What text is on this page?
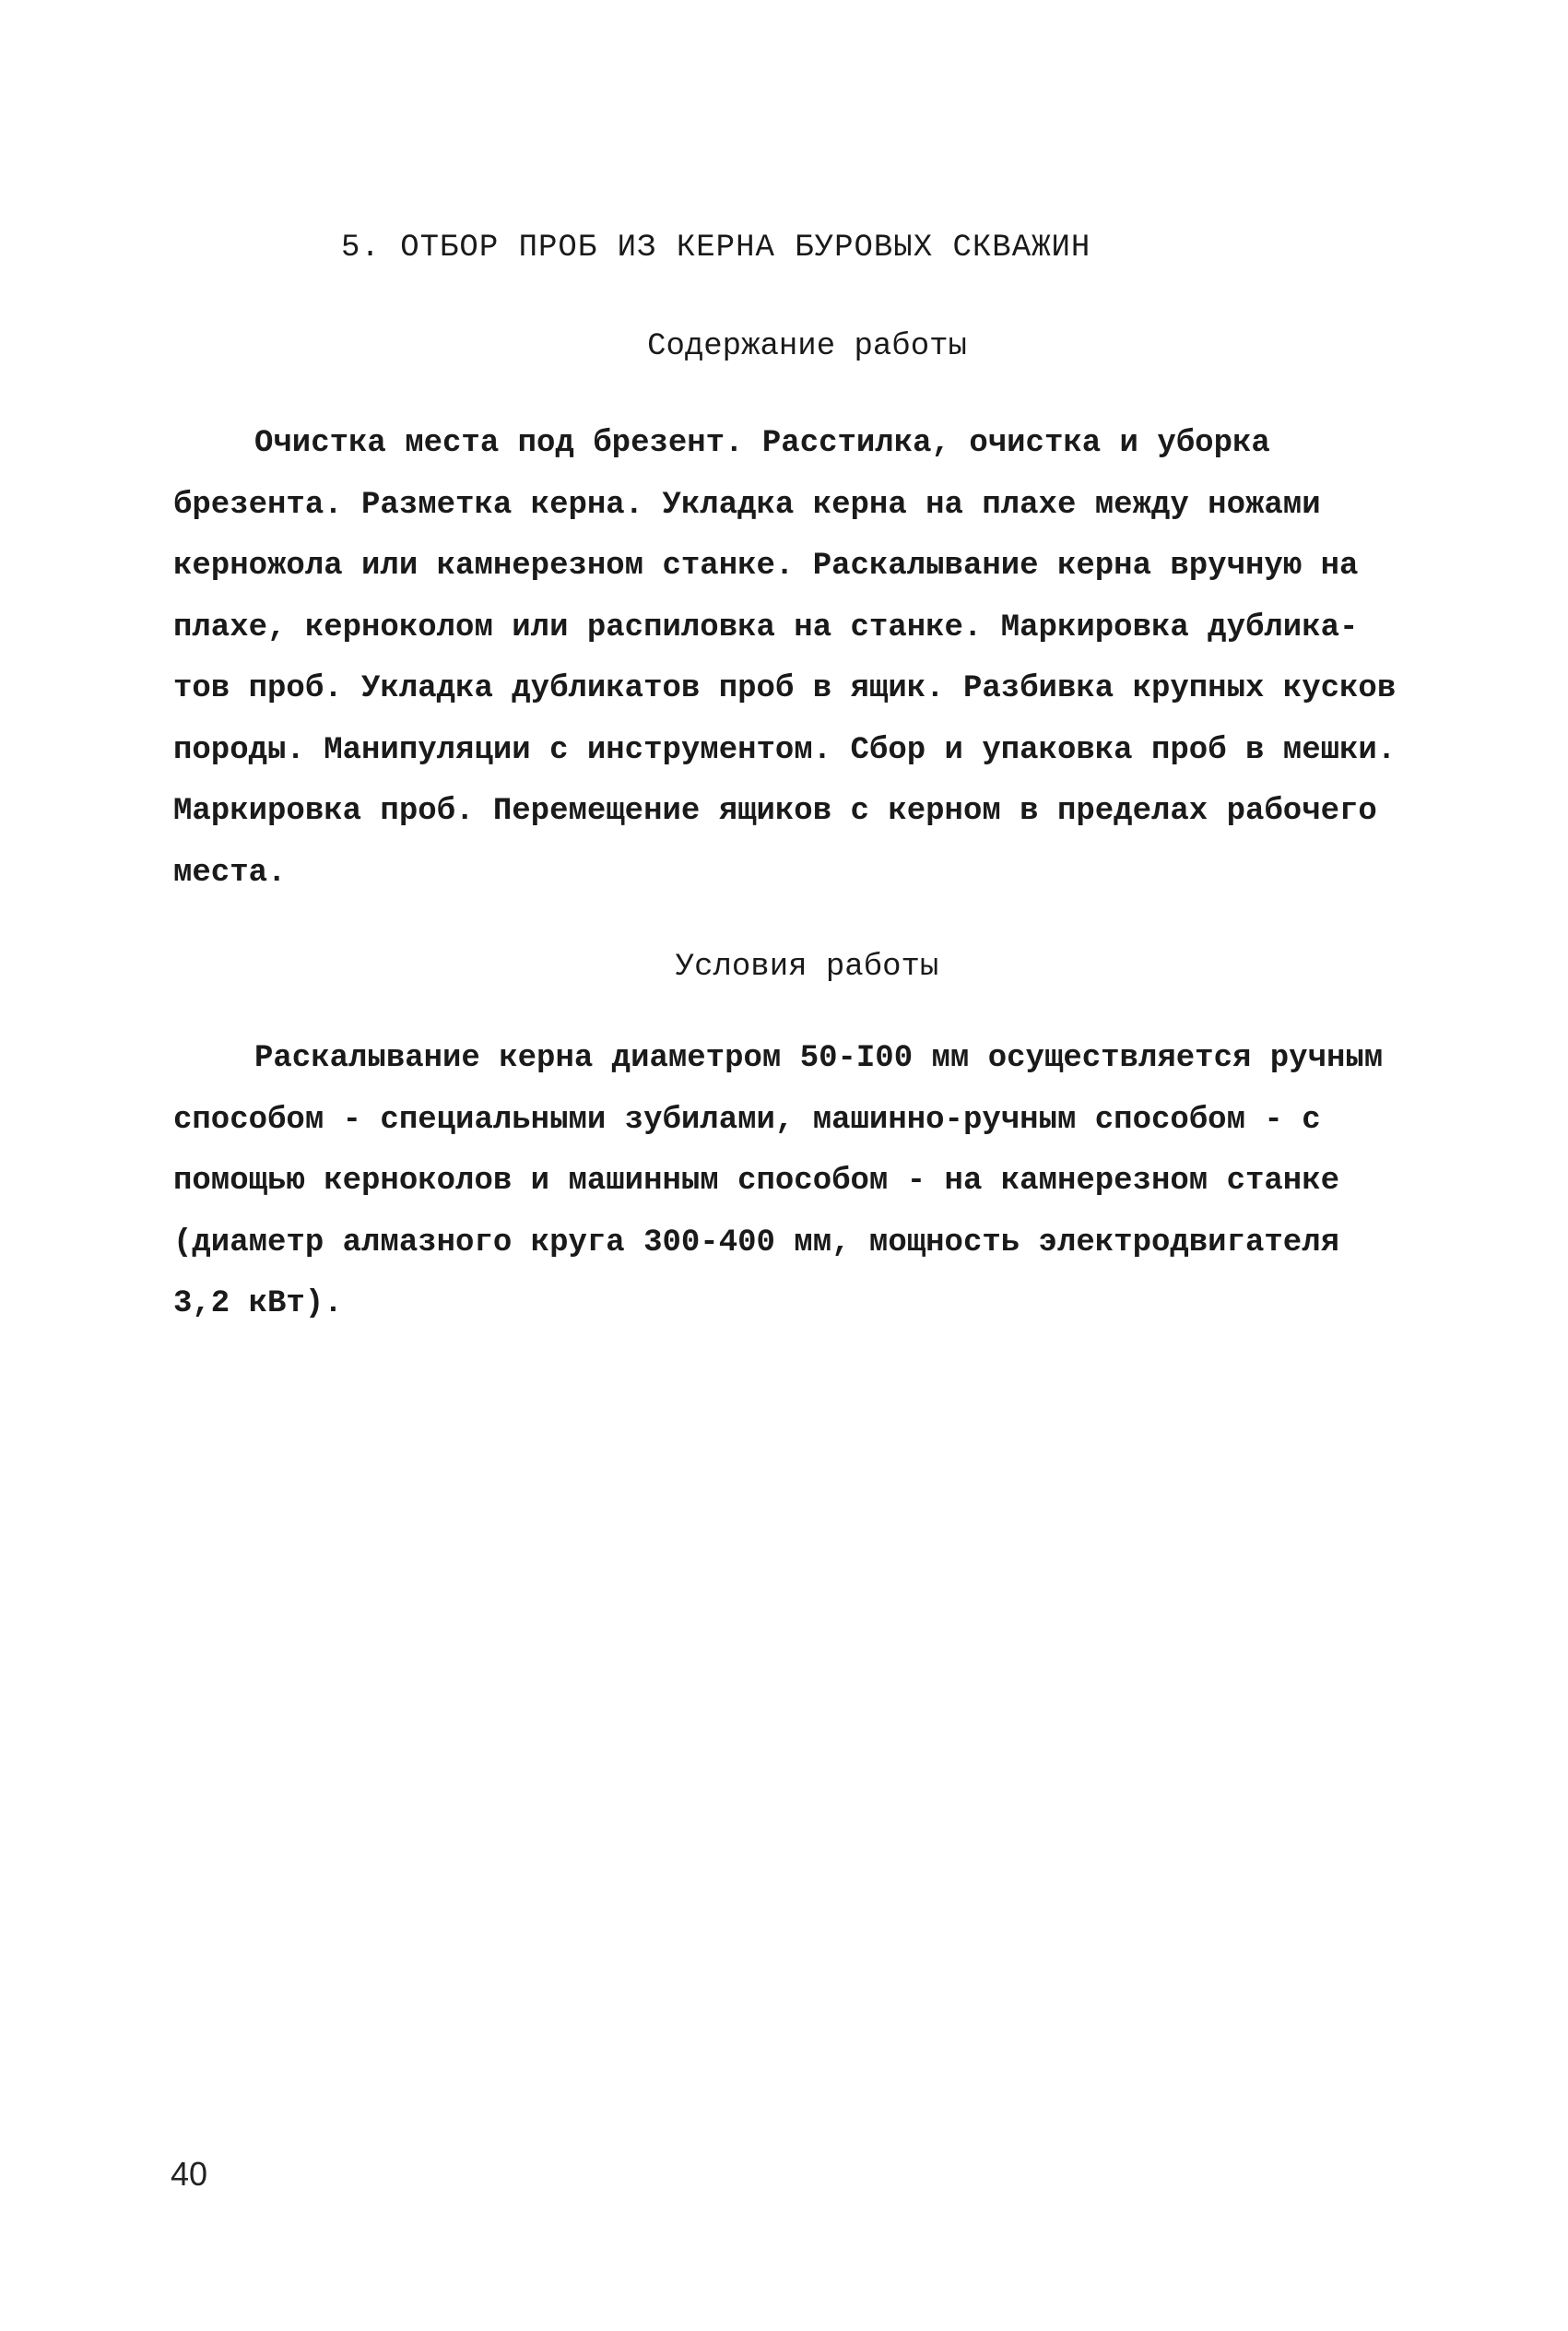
5. ОТБОР ПРОБ ИЗ КЕРНА БУРОВЫХ СКВАЖИН
Содержание работы
Очистка места под брезент. Расстилка, очистка и уборка
брезента. Разметка керна. Укладка керна на плахе между ножами
керножола или камнерезном станке. Раскалывание керна вручную на
плахе, керноколом или распиловка на станке. Маркировка дублика-
тов проб. Укладка дубликатов проб в ящик. Разбивка крупных кусков
породы. Манипуляции с инструментом. Сбор и упаковка проб в мешки.
Маркировка проб. Перемещение ящиков с керном в пределах рабочего
места.
Условия работы
Раскалывание керна диаметром 50-I00 мм осуществляется ручным
способом - специальными зубилами, машинно-ручным способом - с
помощью керноколов и машинным способом - на камнерезном станке
(диаметр алмазного круга 300-400 мм, мощность электродвигателя
3,2 кВт).
40
